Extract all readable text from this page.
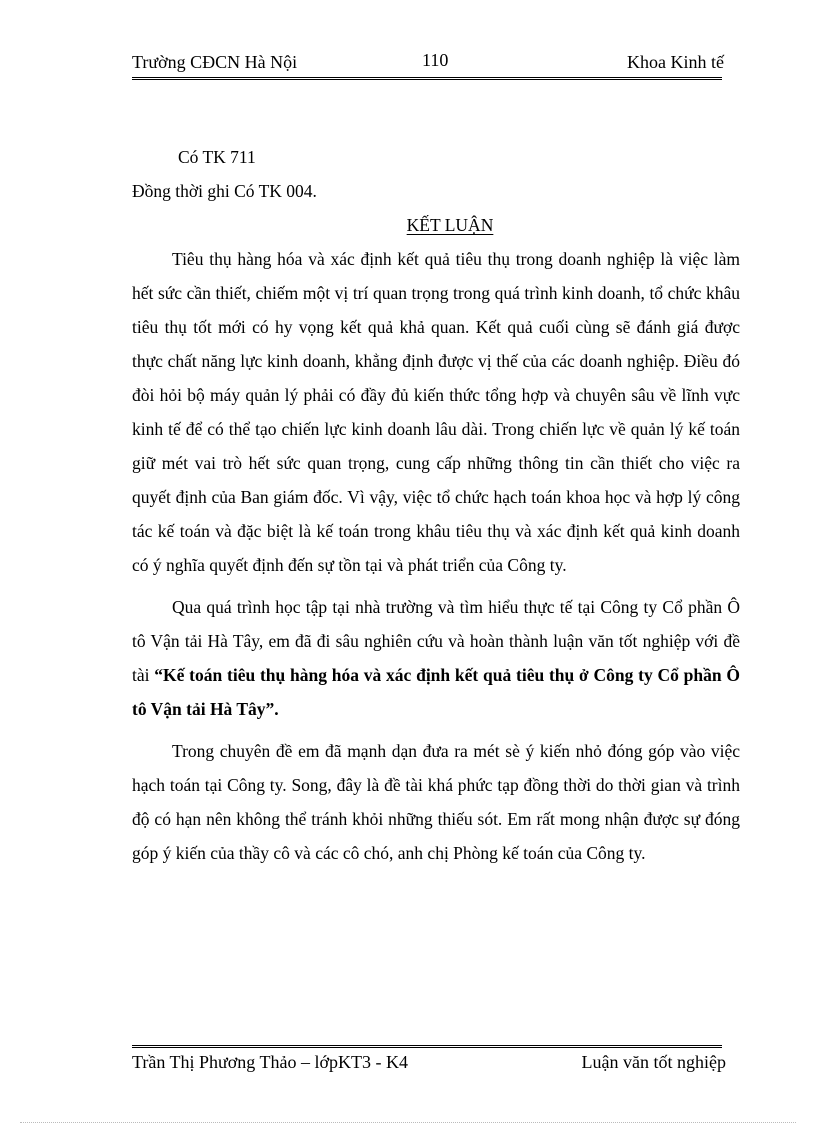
Trường CĐCN Hà Nội	110	Khoa Kinh tế
Có TK 711
Đồng thời ghi Có TK 004.
KẾT LUẬN

Tiêu thụ hàng hóa và xác định kết quả tiêu thụ trong doanh nghiệp là việc làm hết sức cần thiết, chiếm một vị trí quan trọng trong quá trình kinh doanh, tổ chức khâu tiêu thụ tốt mới có hy vọng kết quả khả quan. Kết quả cuối cùng sẽ đánh giá được thực chất năng lực kinh doanh, khẳng định được vị thế của các doanh nghiệp. Điều đó đòi hỏi bộ máy quản lý phải có đầy đủ kiến thức tổng hợp và chuyên sâu về lĩnh vực kinh tế để có thể tạo chiến lực kinh doanh lâu dài. Trong chiến lực về quản lý kế toán giữ mét vai trò hết sức quan trọng, cung cấp những thông tin cần thiết cho việc ra quyết định của Ban giám đốc. Vì vậy, việc tổ chức hạch toán khoa học và hợp lý công tác kế toán và đặc biệt là kế toán trong khâu tiêu thụ và xác định kết quả kinh doanh có ý nghĩa quyết định đến sự tồn tại và phát triển của Công ty.

Qua quá trình học tập tại nhà trường và tìm hiểu thực tế tại Công ty Cổ phần Ô tô Vận tải Hà Tây, em đã đi sâu nghiên cứu và hoàn thành luận văn tốt nghiệp với đề tài “Kế toán tiêu thụ hàng hóa và xác định kết quả tiêu thụ ở Công ty Cổ phần Ô tô Vận tải Hà Tây”.

Trong chuyên đề em đã mạnh dạn đưa ra mét sè ý kiến nhỏ đóng góp vào việc hạch toán tại Công ty. Song, đây là đề tài khá phức tạp đồng thời do thời gian và trình độ có hạn nên không thể tránh khỏi những thiếu sót. Em rất mong nhận được sự đóng góp ý kiến của thầy cô và các cô chó, anh chị Phòng kế toán của Công ty.

Trần Thị Phương Thảo – lớpKT3 - K4	Luận văn tốt nghiệp
